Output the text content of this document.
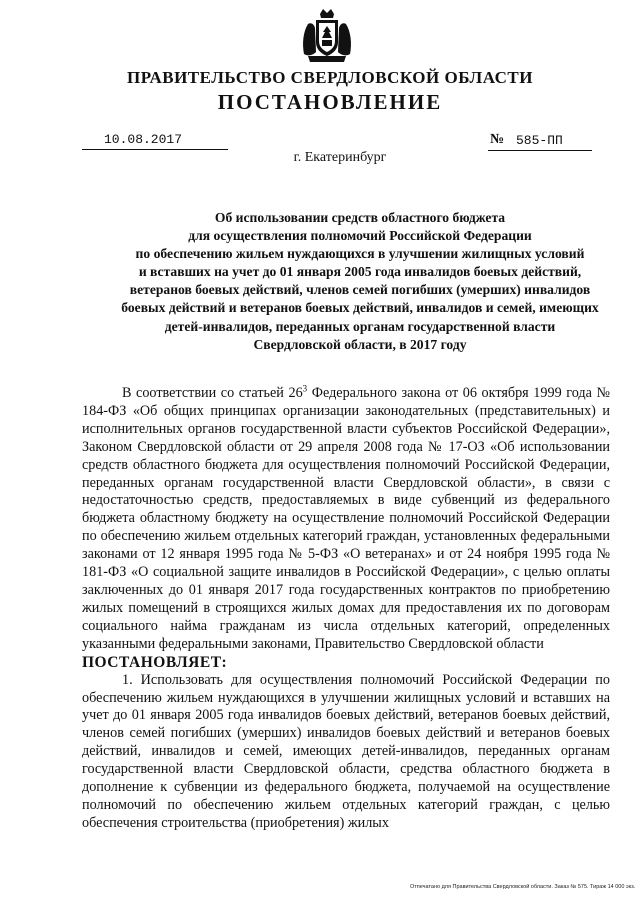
ПРАВИТЕЛЬСТВО СВЕРДЛОВСКОЙ ОБЛАСТИ
ПОСТАНОВЛЕНИЕ
10.08.2017	№ 585-ПП
г. Екатеринбург
Об использовании средств областного бюджета
для осуществления полномочий Российской Федерации
по обеспечению жильем нуждающихся в улучшении жилищных условий
и вставших на учет до 01 января 2005 года инвалидов боевых действий,
ветеранов боевых действий, членов семей погибших (умерших) инвалидов
боевых действий и ветеранов боевых действий, инвалидов и семей, имеющих
детей-инвалидов, переданных органам государственной власти
Свердловской области, в 2017 году

В соответствии со статьей $26^3$ Федерального закона от 06 октября 1999 года № 184-ФЗ «Об общих принципах организации законодательных (представительных) и исполнительных органов государственной власти субъектов Российской Федерации», Законом Свердловской области от 29 апреля 2008 года № 17-ОЗ «Об использовании средств областного бюджета для осуществления полномочий Российской Федерации, переданных органам государственной власти Свердловской области», в связи с недостаточностью средств, предоставляемых в виде субвенций из федерального бюджета областному бюджету на осуществление полномочий Российской Федерации по обеспечению жильем отдельных категорий граждан, установленных федеральными законами от 12 января 1995 года № 5-ФЗ «О ветеранах» и от 24 ноября 1995 года № 181-ФЗ «О социальной защите инвалидов в Российской Федерации», с целью оплаты заключенных до 01 января 2017 года государственных контрактов по приобретению жилых помещений в строящихся жилых домах для предоставления их по договорам социального найма гражданам из числа отдельных категорий, определенных указанными федеральными законами, Правительство Свердловской области

ПОСТАНОВЛЯЕТ:

1. Использовать для осуществления полномочий Российской Федерации по обеспечению жильем нуждающихся в улучшении жилищных условий и вставших на учет до 01 января 2005 года инвалидов боевых действий, ветеранов боевых действий, членов семей погибших (умерших) инвалидов боевых действий и ветеранов боевых действий, инвалидов и семей, имеющих детей-инвалидов, переданных органам государственной власти Свердловской области, средства областного бюджета в дополнение к субвенции из федерального бюджета, получаемой на осуществление полномочий по обеспечению жильем отдельных категорий граждан, с целью обеспечения строительства (приобретения) жилых

Отпечатано для Правительства Свердловской области. Заказ № 575. Тираж 14 000 экз.
